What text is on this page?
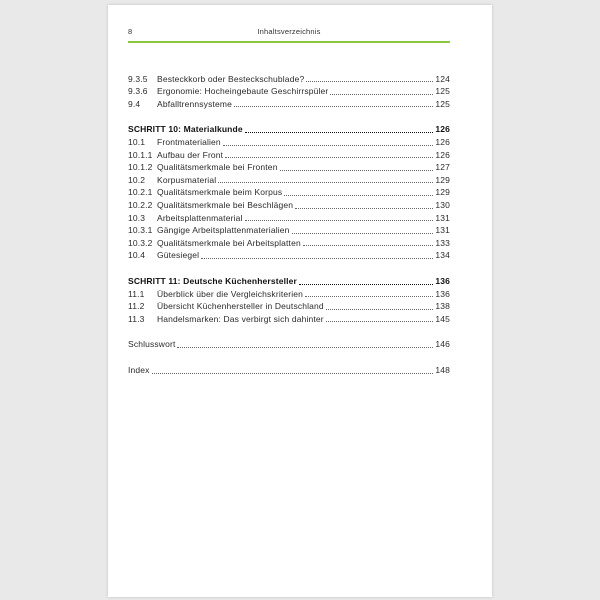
8	Inhaltsverzeichnis
9.3.5	Besteckkorb oder Besteckschublade?	124
9.3.6	Ergonomie: Hocheingebaute Geschirrspüler	125
9.4	Abfalltrennsysteme	125
SCHRITT 10: Materialkunde	126
10.1	Frontmaterialien	126
10.1.1 Aufbau der Front	126
10.1.2 Qualitätsmerkmale bei Fronten	127
10.2	Korpusmaterial	129
10.2.1 Qualitätsmerkmale beim Korpus	129
10.2.2 Qualitätsmerkmale bei Beschlägen	130
10.3	Arbeitsplattenmaterial	131
10.3.1 Gängige Arbeitsplattenmaterialien	131
10.3.2 Qualitätsmerkmale bei Arbeitsplatten	133
10.4	Gütesiegel	134
SCHRITT 11: Deutsche Küchenhersteller	136
11.1	Überblick über die Vergleichskriterien	136
11.2	Übersicht Küchenhersteller in Deutschland	138
11.3	Handelsmarken: Das verbirgt sich dahinter	145
Schlusswort	146
Index	148
